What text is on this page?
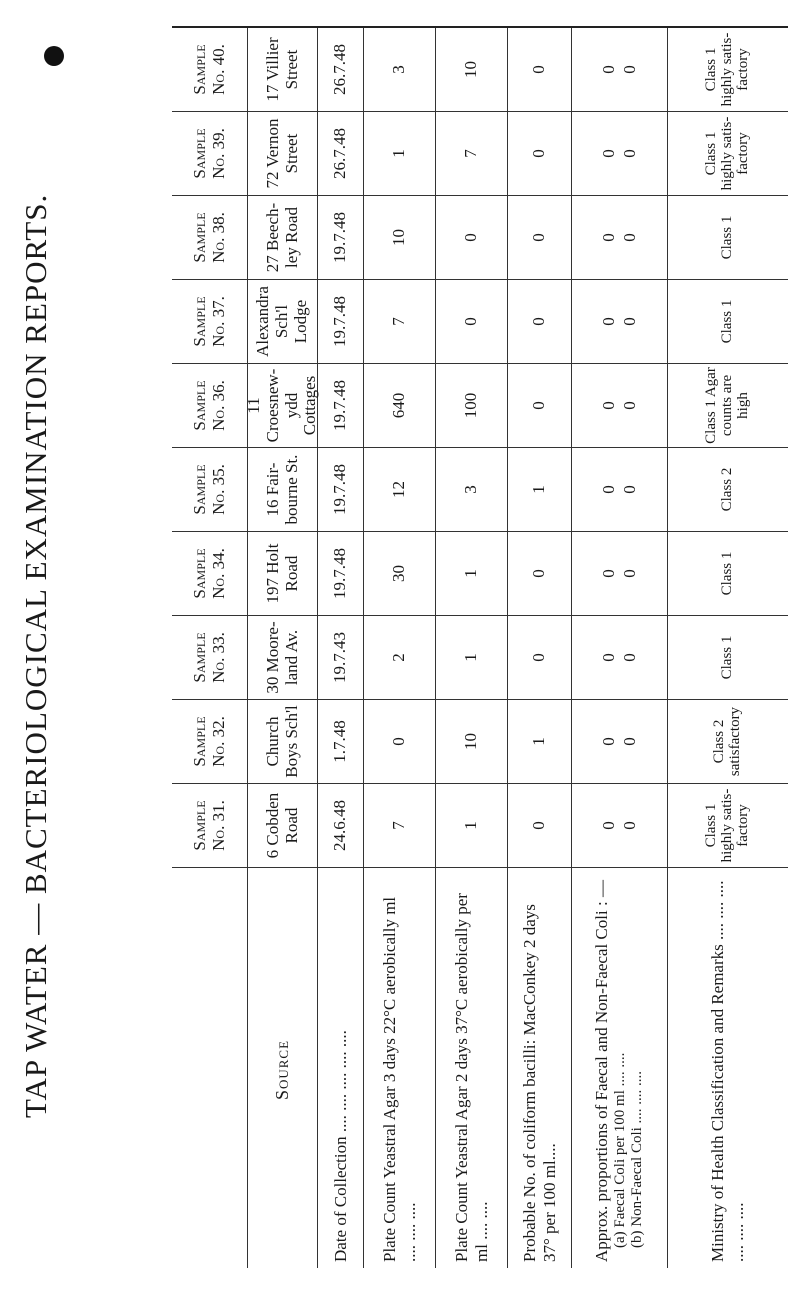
TAP WATER — BACTERIOLOGICAL EXAMINATION REPORTS.	Sample No. 31.
Sample No. 32.
Sample No. 33.
Sample No. 34.
Sample No. 35.
Sample No. 36.
Sample No. 37.
Sample No. 38.
Sample No. 39.
Sample No. 40.
Source
6 Cobden Road
Church Boys Sch'l
30 Moore- land Av.
197 Holt Road
16 Fair- bourne St.
11 Croesnew- ydd Cottages
Alexandra Sch'l Lodge
27 Beech- ley Road
72 Vernon Street
17 Villier Street
Date of Collection .... .... .... .... ....
24.6.48
1.7.48
19.7.43
19.7.48
19.7.48
19.7.48
19.7.48
19.7.48
26.7.48
26.7.48
Plate Count Yeastral Agar 3 days 22°C aerobically ml .... .... ....
7
0
2
30
12
640
7
10
1
3
Plate Count Yeastral Agar 2 days 37°C aerobically per ml .... ....
1
10
1
1
3
100
0
0
7
10
Probable No. of coliform bacilli: MacConkey 2 days 37° per 100 ml....
0
1
0
0
1
0
0
0
0
0
Approx. proportions of Faecal and Non-Faecal Coli : — (a) Faecal Coli per 100 ml .... .... (b) Non-Faecal Coli .... .... ....
0 0
0 0
0 0
0 0
0 0
0 0
0 0
0 0
0 0
0 0
Ministry of Health Classification and Remarks .... .... .... .... .... ....
Class 1 highly satis- factory
Class 2 satisfactory
Class 1
Class 1
Class 2
Class 1 Agar counts are high
Class 1
Class 1
Class 1 highly satis- factory
Class 1 highly satis- factory
